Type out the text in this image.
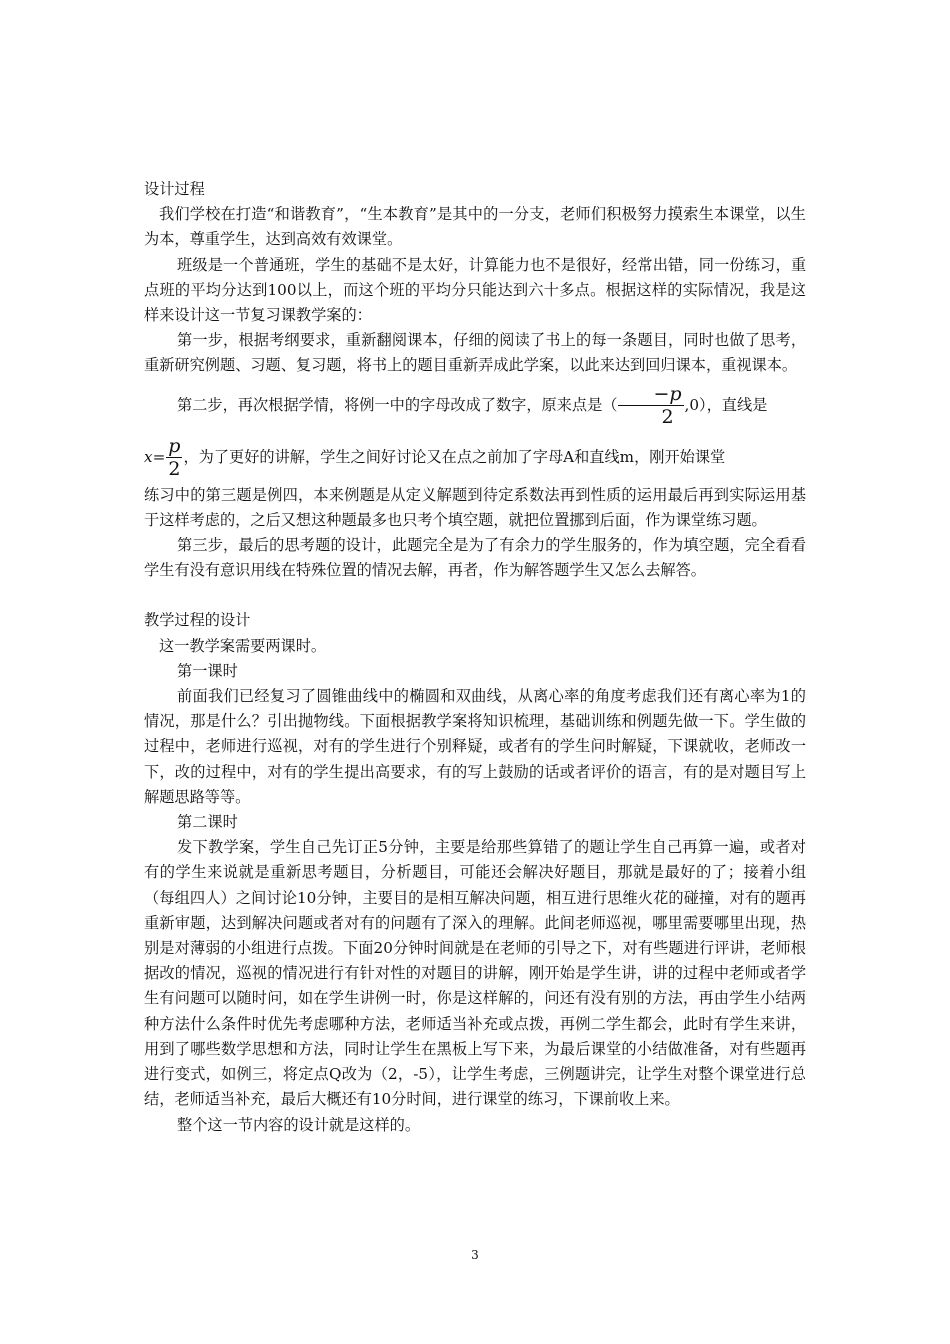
设计过程

我们学校在打造“和谐教育”，“生本教育”是其中的一分支，老师们积极努力摸索生本课堂，以生为本，尊重学生，达到高效有效课堂。

班级是一个普通班，学生的基础不是太好，计算能力也不是很好，经常出错，同一份练习，重点班的平均分达到100以上，而这个班的平均分只能达到六十多点。根据这样的实际情况，我是这样来设计这一节复习课教学案的：

第一步，根据考纲要求，重新翻阅课本，仔细的阅读了书上的每一条题目，同时也做了思考，重新研究例题、习题、复习题，将书上的题目重新弄成此学案，以此来达到回归课本，重视课本。

第二步，再次根据学情，将例一中的字母改成了数字，原来点是（ $\frac{-p}{2} ,0$），直线是

$x= \frac{p}{2}$ ，为了更好的讲解，学生之间好讨论又在点之前加了字母A和直线m，刚开始课堂

练习中的第三题是例四，本来例题是从定义解题到待定系数法再到性质的运用最后再到实际运用基于这样考虑的，之后又想这种题最多也只考个填空题，就把位置挪到后面，作为课堂练习题。

第三步，最后的思考题的设计，此题完全是为了有余力的学生服务的，作为填空题，完全看看学生有没有意识用线在特殊位置的情况去解，再者，作为解答题学生又怎么去解答。

教学过程的设计

这一教学案需要两课时。

第一课时

前面我们已经复习了圆锥曲线中的椭圆和双曲线，从离心率的角度考虑我们还有离心率为1的情况，那是什么？引出抛物线。下面根据教学案将知识梳理，基础训练和例题先做一下。学生做的过程中，老师进行巡视，对有的学生进行个别释疑，或者有的学生问时解疑，下课就收，老师改一下，改的过程中，对有的学生提出高要求，有的写上鼓励的话或者评价的语言，有的是对题目写上解题思路等等。

第二课时

发下教学案，学生自己先订正5分钟，主要是给那些算错了的题让学生自己再算一遍，或者对有的学生来说就是重新思考题目，分析题目，可能还会解决好题目，那就是最好的了；接着小组（每组四人）之间讨论10分钟，主要目的是相互解决问题，相互进行思维火花的碰撞，对有的题再重新审题，达到解决问题或者对有的问题有了深入的理解。此间老师巡视，哪里需要哪里出现，热别是对薄弱的小组进行点拨。下面20分钟时间就是在老师的引导之下，对有些题进行评讲，老师根据改的情况，巡视的情况进行有针对性的对题目的讲解，刚开始是学生讲，讲的过程中老师或者学生有问题可以随时问，如在学生讲例一时，你是这样解的，问还有没有别的方法，再由学生小结两种方法什么条件时优先考虑哪种方法，老师适当补充或点拨，再例二学生都会，此时有学生来讲，用到了哪些数学思想和方法，同时让学生在黑板上写下来，为最后课堂的小结做准备，对有些题再进行变式，如例三，将定点Q改为（2，-5），让学生考虑，三例题讲完，让学生对整个课堂进行总结，老师适当补充，最后大概还有10分时间，进行课堂的练习，下课前收上来。

整个这一节内容的设计就是这样的。

3
